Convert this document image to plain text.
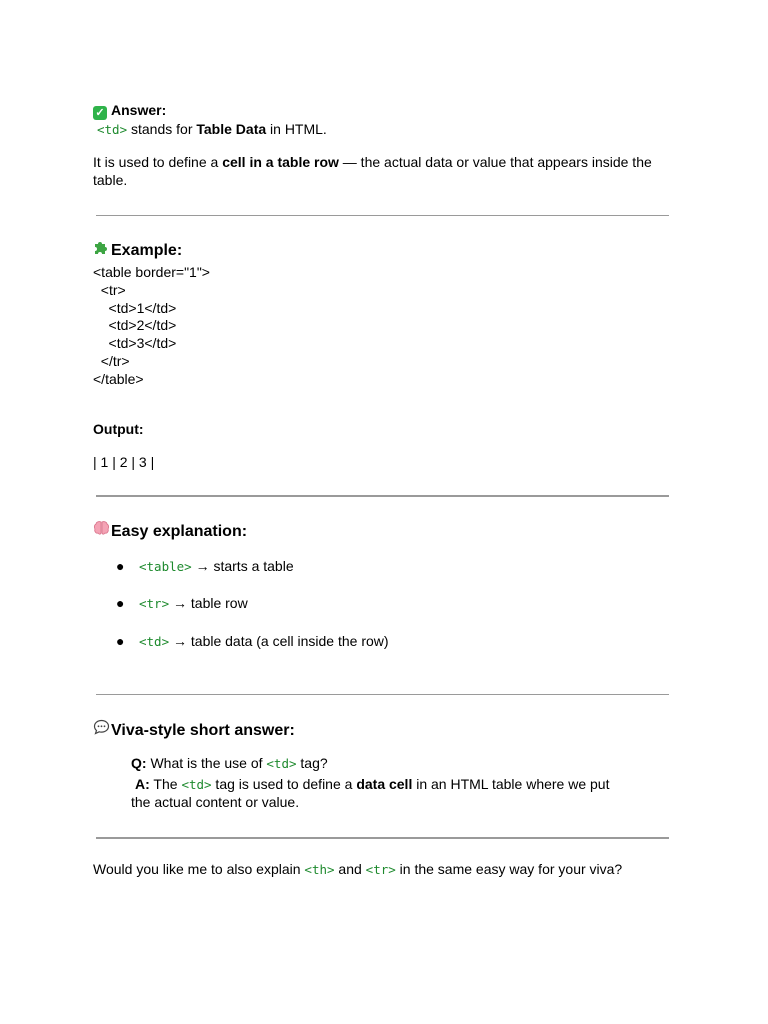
✓ Answer:
<td> stands for Table Data in HTML.
It is used to define a cell in a table row — the actual data or value that appears inside the
table.
Example:
<table border="1">
<tr>
<td>1</td>
<td>2</td>
<td>3</td>
</tr>
</table>
Output:
| 1 | 2 | 3 |
Easy explanation:
● <table> → starts a table
● <tr> → table row
● <td> → table data (a cell inside the row)
Viva-style short answer:
Q: What is the use of <td> tag?
A: The <td> tag is used to define a data cell in an HTML table where we put
the actual content or value.
Would you like me to also explain <th> and <tr> in the same easy way for your viva?
